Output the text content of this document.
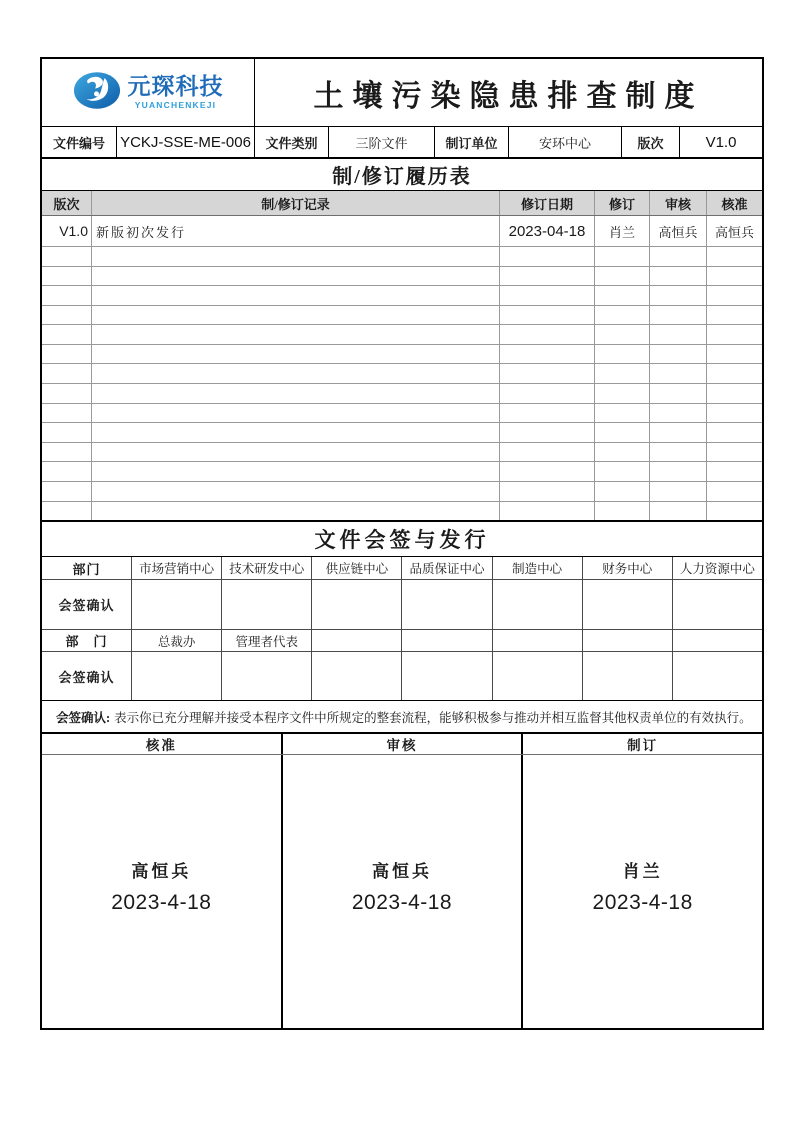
元琛科技
YUANCHENKEJI	土壤污染隐患排查制度
文件编号	YCKJ-SSE-ME-006	文件类别	三阶文件	制订单位	安环中心	版次	V1.0
制/修订履历表
版次	制/修订记录	修订日期	修订	审核	核准
V1.0 新版初次发行	2023-04-18	肖兰	高恒兵	高恒兵
文件会签与发行
部门	市场营销中心	技术研发中心	供应链中心	品质保证中心	制造中心	财务中心	人力资源中心
会签确认
部　门	总裁办	管理者代表
会签确认
会签确认: 表示你已充分理解并接受本程序文件中所规定的整套流程，能够积极参与推动并相互监督其他权责单位的有效执行。
核准	审核	制订
高恒兵
2023-4-18
高恒兵
2023-4-18
肖兰
2023-4-18
